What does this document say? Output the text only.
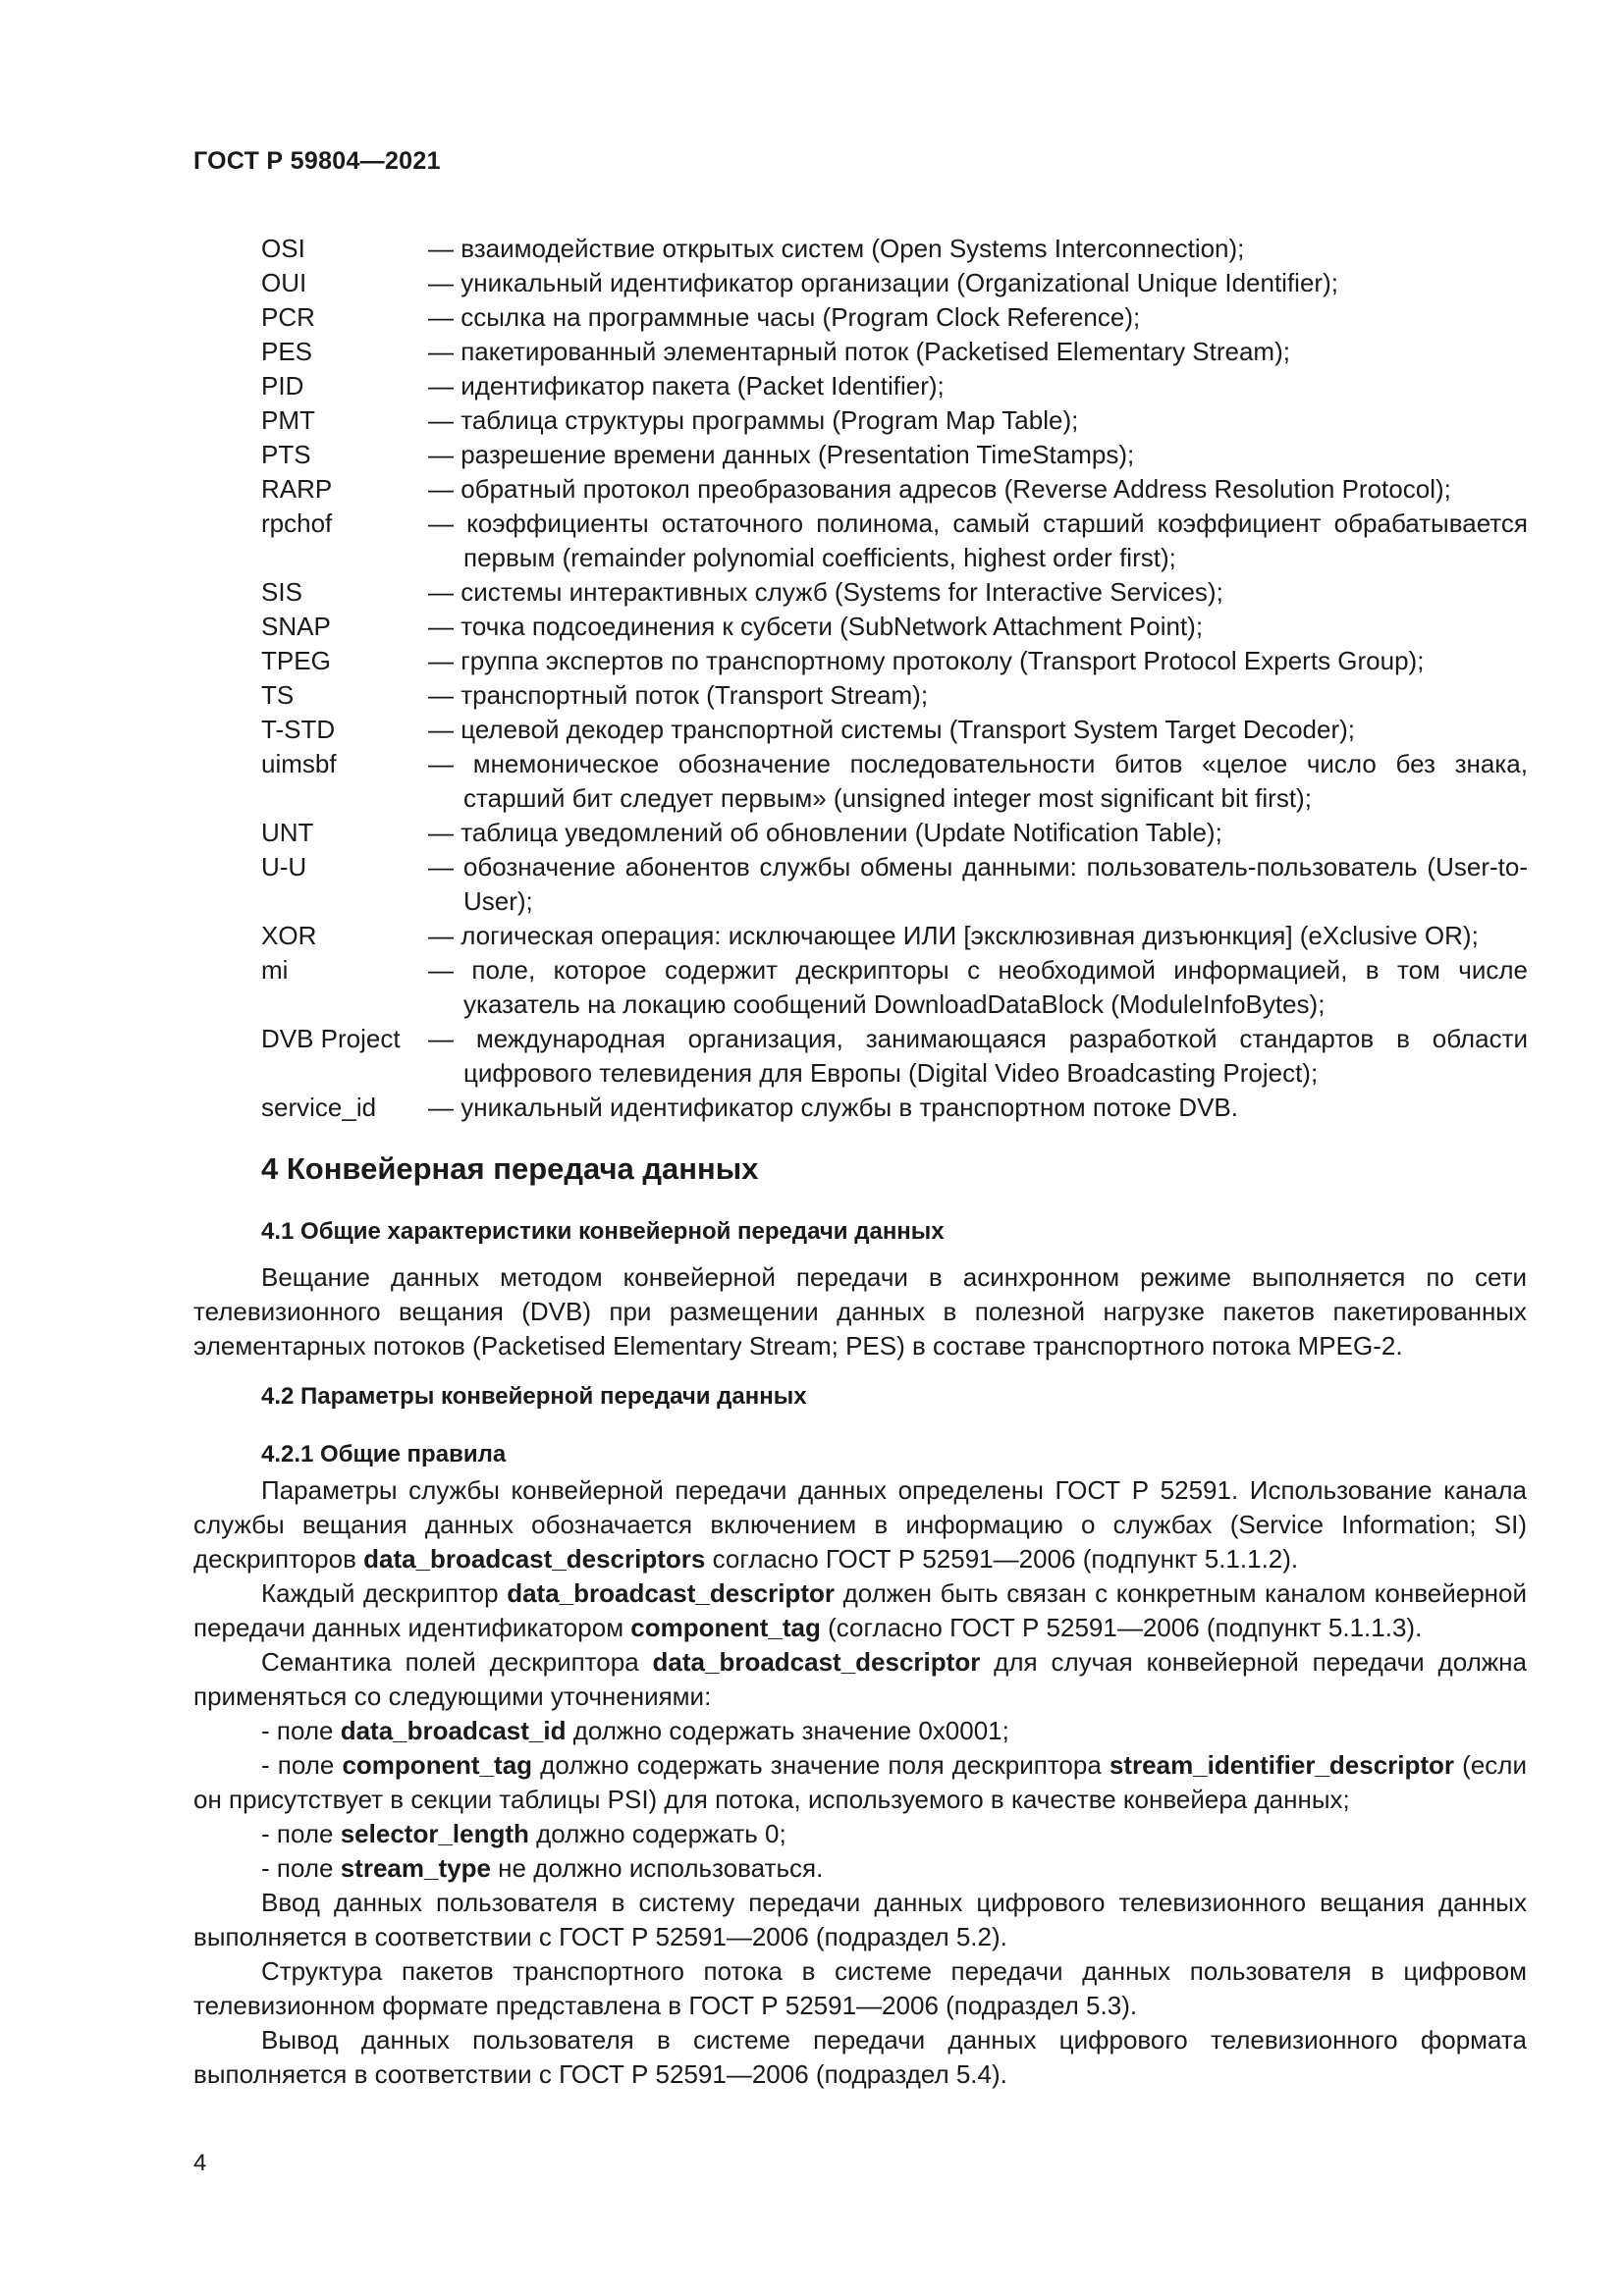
ГОСТ Р 59804—2021
OSI	— взаимодействие открытых систем (Open Systems Interconnection);
OUI	— уникальный идентификатор организации (Organizational Unique Identifier);
PCR	— ссылка на программные часы (Program Clock Reference);
PES	— пакетированный элементарный поток (Packetised Elementary Stream);
PID	— идентификатор пакета (Packet Identifier);
PMT	— таблица структуры программы (Program Map Table);
PTS	— разрешение времени данных (Presentation TimeStamps);
RARP	— обратный протокол преобразования адресов (Reverse Address Resolution Protocol);
rpchof	— коэффициенты остаточного полинома, самый старший коэффициент обрабатывается первым (remainder polynomial coefficients, highest order first);
SIS	— системы интерактивных служб (Systems for Interactive Services);
SNAP	— точка подсоединения к субсети (SubNetwork Attachment Point);
TPEG	— группа экспертов по транспортному протоколу (Transport Protocol Experts Group);
TS	— транспортный поток (Transport Stream);
T-STD	— целевой декодер транспортной системы (Transport System Target Decoder);
uimsbf	— мнемоническое обозначение последовательности битов «целое число без знака, старший бит следует первым» (unsigned integer most significant bit first);
UNT	— таблица уведомлений об обновлении (Update Notification Table);
U-U	— обозначение абонентов службы обмены данными: пользователь-пользователь (User-to-User);
XOR	— логическая операция: исключающее ИЛИ [эксклюзивная дизъюнкция] (eXclusive OR);
mi	— поле, которое содержит дескрипторы с необходимой информацией, в том числе указатель на локацию сообщений DownloadDataBlock (ModuleInfoBytes);
DVB Project	— международная организация, занимающаяся разработкой стандартов в области цифрового телевидения для Европы (Digital Video Broadcasting Project);
service_id	— уникальный идентификатор службы в транспортном потоке DVB.
4 Конвейерная передача данных
4.1 Общие характеристики конвейерной передачи данных
Вещание данных методом конвейерной передачи в асинхронном режиме выполняется по сети телевизионного вещания (DVB) при размещении данных в полезной нагрузке пакетов пакетированных элементарных потоков (Packetised Elementary Stream; PES) в составе транспортного потока MPEG-2.
4.2 Параметры конвейерной передачи данных
4.2.1 Общие правила
Параметры службы конвейерной передачи данных определены ГОСТ Р 52591. Использование канала службы вещания данных обозначается включением в информацию о службах (Service Information; SI) дескрипторов data_broadcast_descriptors согласно ГОСТ Р 52591—2006 (подпункт 5.1.1.2).
Каждый дескриптор data_broadcast_descriptor должен быть связан с конкретным каналом конвейерной передачи данных идентификатором component_tag (согласно ГОСТ Р 52591—2006 (подпункт 5.1.1.3).
Семантика полей дескриптора data_broadcast_descriptor для случая конвейерной передачи должна применяться со следующими уточнениями:
- поле data_broadcast_id должно содержать значение 0x0001;
- поле component_tag должно содержать значение поля дескриптора stream_identifier_descriptor (если он присутствует в секции таблицы PSI) для потока, используемого в качестве конвейера данных;
- поле selector_length должно содержать 0;
- поле stream_type не должно использоваться.
Ввод данных пользователя в систему передачи данных цифрового телевизионного вещания данных выполняется в соответствии с ГОСТ Р 52591—2006 (подраздел 5.2).
Структура пакетов транспортного потока в системе передачи данных пользователя в цифровом телевизионном формате представлена в ГОСТ Р 52591—2006 (подраздел 5.3).
Вывод данных пользователя в системе передачи данных цифрового телевизионного формата выполняется в соответствии с ГОСТ Р 52591—2006 (подраздел 5.4).
4
